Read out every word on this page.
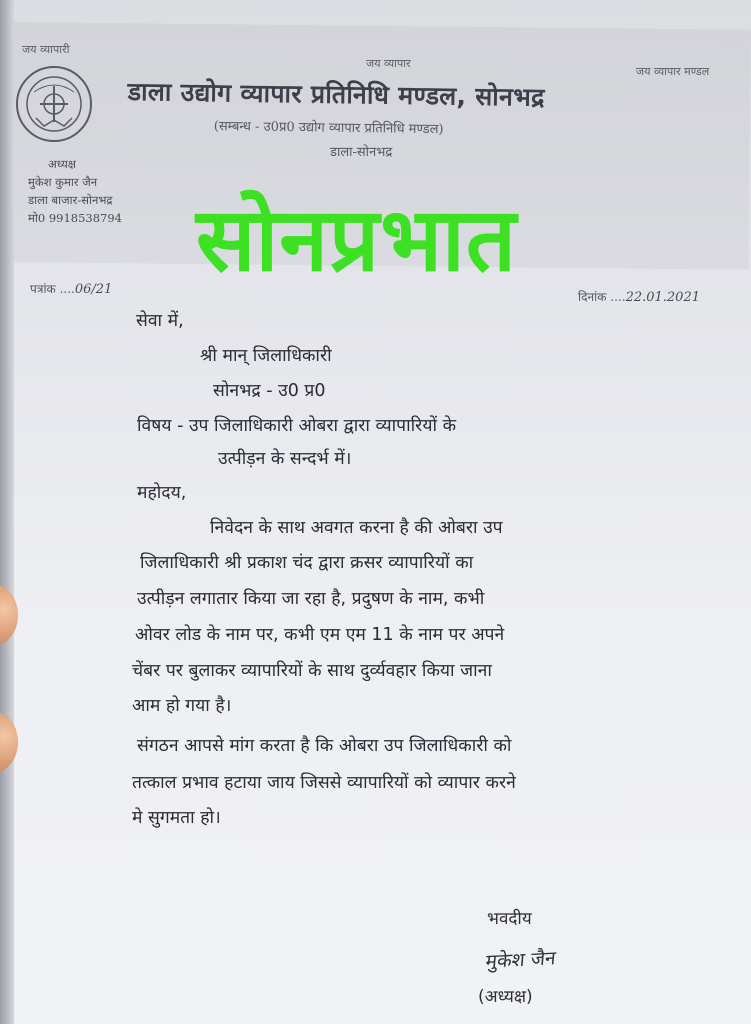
जय व्यापारी
जय व्यापार
जय व्यापार मण्डल
अध्यक्ष
मुकेश कुमार जैन
डाला बाजार-सोनभद्र
मो0 9918538794
डाला उद्योग व्यापार प्रतिनिधि मण्डल, सोनभद्र
(सम्बन्ध - उ0प्र0 उद्योग व्यापार प्रतिनिधि मण्डल)
डाला-सोनभद्र
पत्रांक ....06/21	दिनांक ....22.01.2021
सोनप्रभात
सेवा में,
श्री मान् जिलाधिकारी
सोनभद्र - उ0 प्र0
विषय - उप जिलाधिकारी ओबरा द्वारा व्यापारियों के
उत्पीड़न के सन्दर्भ में।
महोदय,
निवेदन के साथ अवगत करना है की ओबरा उप
जिलाधिकारी श्री प्रकाश चंद द्वारा क्रसर व्यापारियों का
उत्पीड़न लगातार किया जा रहा है, प्रदुषण के नाम, कभी
ओवर लोड के नाम पर, कभी एम एम 11 के नाम पर अपने
चेंबर पर बुलाकर व्यापारियों के साथ दुर्व्यवहार किया जाना
आम हो गया है।
संगठन आपसे मांग करता है कि ओबरा उप जिलाधिकारी को
तत्काल प्रभाव हटाया जाय जिससे व्यापारियों को व्यापार करने
मे सुगमता हो।
भवदीय
मुकेश जैन
(अध्यक्ष)
